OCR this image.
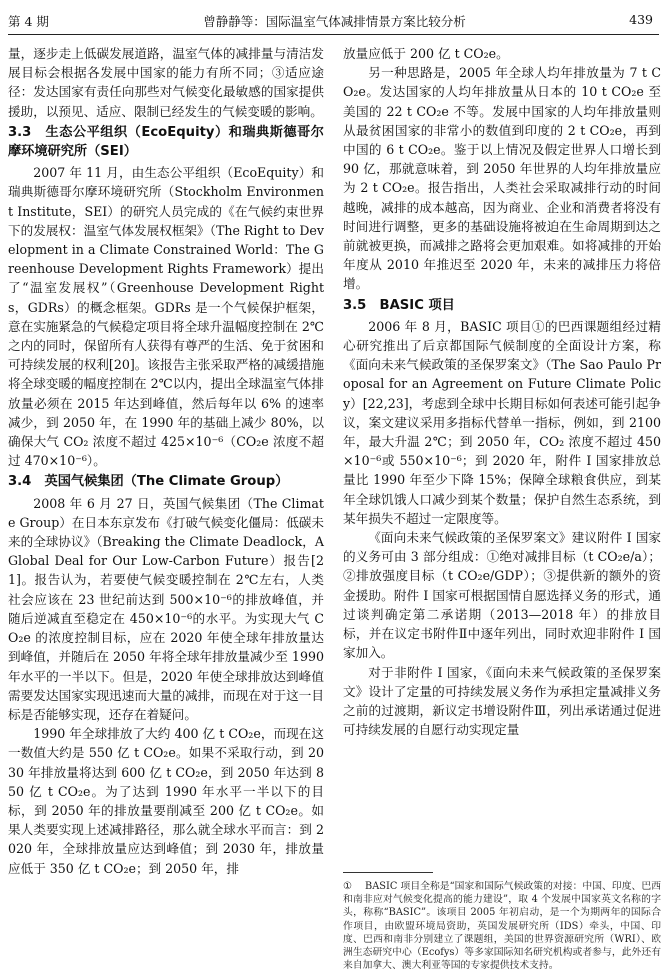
第 4 期	曾静静等：国际温室气体减排情景方案比较分析	439

量，逐步走上低碳发展道路，温室气体的减排量与清洁发展目标会根据各发展中国家的能力有所不同；③适应途径：发达国家有责任向那些对气候变化最敏感的国家提供援助，以预见、适应、限制已经发生的气候变暖的影响。

3.3　生态公平组织（EcoEquity）和瑞典斯德哥尔摩环境研究所（SEI）

2007 年 11 月，由生态公平组织（EcoEquity）和瑞典斯德哥尔摩环境研究所（Stockholm Environment Institute，SEI）的研究人员完成的《在气候约束世界下的发展权：温室气体发展权框架》（The Right to Development in a Climate Constrained World：The Greenhouse Development Rights Framework）提出了“温室发展权”（Greenhouse Development Rights，GDRs）的概念框架。GDRs 是一个气候保护框架，意在实施紧急的气候稳定项目将全球升温幅度控制在 2℃之内的同时，保留所有人获得有尊严的生活、免于贫困和可持续发展的权利[20]。该报告主张采取严格的减缓措施将全球变暖的幅度控制在 2℃以内，提出全球温室气体排放量必须在 2015 年达到峰值，然后每年以 6% 的速率减少，到 2050 年，在 1990 年的基础上减少 80%，以确保大气 CO₂ 浓度不超过 425×10⁻⁶（CO₂e 浓度不超过 470×10⁻⁶）。

3.4　英国气候集团（The Climate Group）

2008 年 6 月 27 日，英国气候集团（The Climate Group）在日本东京发布《打破气候变化僵局：低碳未来的全球协议》（Breaking the Climate Deadlock，A Global Deal for Our Low-Carbon Future）报告[21]。报告认为，若要使气候变暖控制在 2℃左右，人类社会应该在 23 世纪前达到 500×10⁻⁶的排放峰值，并随后逆减直至稳定在 450×10⁻⁶的水平。为实现大气 CO₂e 的浓度控制目标，应在 2020 年使全球年排放量达到峰值，并随后在 2050 年将全球年排放量减少至 1990 年水平的一半以下。但是，2020 年使全球排放达到峰值需要发达国家实现迅速而大量的减排，而现在对于这一目标是否能够实现，还存在着疑问。

1990 年全球排放了大约 400 亿 t CO₂e，而现在这一数值大约是 550 亿 t CO₂e。如果不采取行动，到 2030 年排放量将达到 600 亿 t CO₂e，到 2050 年达到 850 亿 t CO₂e。为了达到 1990 年水平一半以下的目标，到 2050 年的排放量要削减至 200 亿 t CO₂e。如果人类要实现上述减排路径，那么就全球水平而言：到 2020 年，全球排放量应达到峰值；到 2030 年，排放量应低于 350 亿 t CO₂e；到 2050 年，排

放量应低于 200 亿 t CO₂e。

另一种思路是，2005 年全球人均年排放量为 7 t CO₂e。发达国家的人均年排放量从日本的 10 t CO₂e 至美国的 22 t CO₂e 不等。发展中国家的人均年排放量则从最贫困国家的非常小的数值到印度的 2 t CO₂e，再到中国的 6 t CO₂e。鉴于以上情况及假定世界人口增长到 90 亿，那就意味着，到 2050 年世界的人均年排放量应为 2 t CO₂e。报告指出，人类社会采取减排行动的时间越晚，减排的成本越高，因为商业、企业和消费者将没有时间进行调整，更多的基础设施将被迫在生命周期到达之前就被更换，而减排之路将会更加艰难。如将减排的开始年度从 2010 年推迟至 2020 年，未来的减排压力将倍增。

3.5　BASIC 项目

2006 年 8 月，BASIC 项目①的巴西课题组经过精心研究推出了后京都国际气候制度的全面设计方案，称《面向未来气候政策的圣保罗案文》（The Sao Paulo Proposal for an Agreement on Future Climate Policy）[22,23]，考虑到全球中长期目标如何表述可能引起争议，案文建议采用多指标代替单一指标，例如，到 2100 年，最大升温 2℃；到 2050 年，CO₂ 浓度不超过 450×10⁻⁶或 550×10⁻⁶；到 2020 年，附件 I 国家排放总量比 1990 年至少下降 15%；保障全球粮食供应，到某年全球饥饿人口减少到某个数量；保护自然生态系统，到某年损失不超过一定限度等。

《面向未来气候政策的圣保罗案文》建议附件 I 国家的义务可由 3 部分组成：①绝对减排目标（t CO₂e/a）；②排放强度目标（t CO₂e/GDP）；③提供新的额外的资金援助。附件 I 国家可根据国情自愿选择义务的形式，通过谈判确定第二承诺期（2013—2018 年）的排放目标，并在议定书附件Ⅱ中逐年列出，同时欢迎非附件 I 国家加入。

对于非附件 I 国家，《面向未来气候政策的圣保罗案文》设计了定量的可持续发展义务作为承担定量减排义务之前的过渡期，新议定书增设附件Ⅲ，列出承诺通过促进可持续发展的自愿行动实现定量

① BASIC 项目全称是“国家和国际气候政策的对接：中国、印度、巴西和南非应对气候变化提高的能力建设”，取 4 个发展中国家英文名称的字头，称称“BASIC”。该项目 2005 年初启动，是一个为期两年的国际合作项目，由欧盟环境局资助，英国发展研究所（IDS）牵头，中国、印度、巴西和南非分别建立了课题组，美国的世界资源研究所（WRI）、欧洲生态研究中心（Ecofys）等多家国际知名研究机构或者参与，此外还有来自加拿大、澳大利亚等国的专家提供技术支持。
